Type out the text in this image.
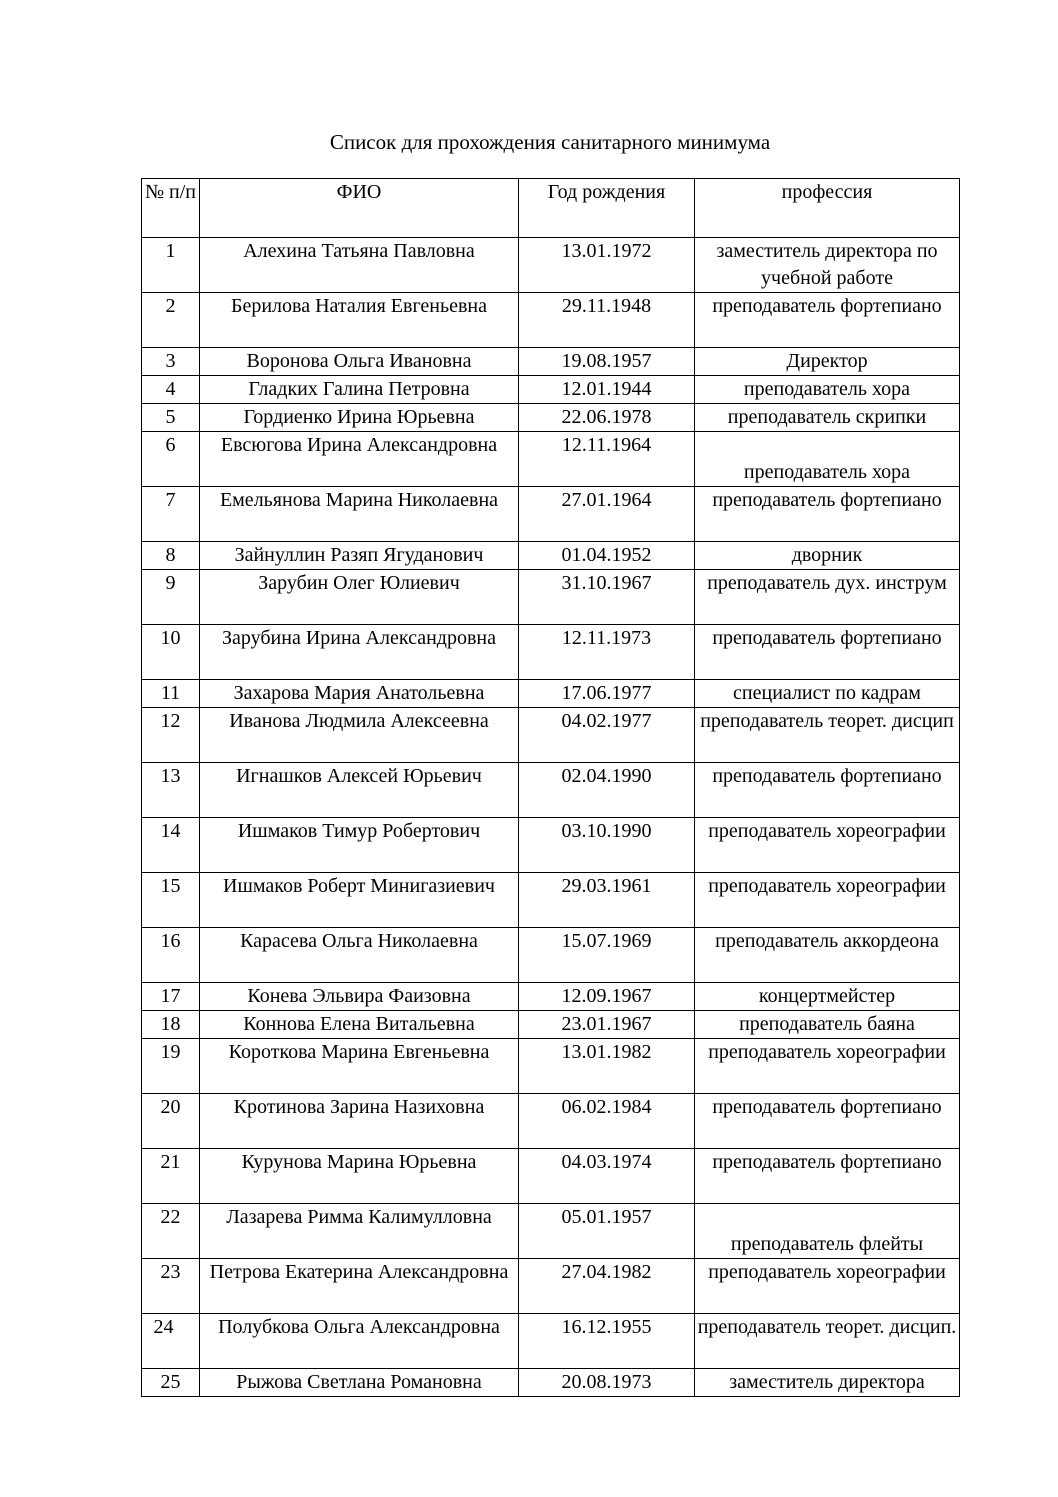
Список для прохождения санитарного минимума
№ п/п	ФИО	Год рождения	профессия
1	Алехина Татьяна Павловна	13.01.1972	заместитель директора по учебной работе
2	Берилова Наталия Евгеньевна	29.11.1948	преподаватель фортепиано
3	Воронова Ольга Ивановна	19.08.1957	Директор
4	Гладких Галина Петровна	12.01.1944	преподаватель хора
5	Гордиенко Ирина Юрьевна	22.06.1978	преподаватель скрипки
6	Евсюгова Ирина Александровна	12.11.1964	преподаватель хора
7	Емельянова Марина Николаевна	27.01.1964	преподаватель фортепиано
8	Зайнуллин Разяп Ягуданович	01.04.1952	дворник
9	Зарубин Олег Юлиевич	31.10.1967	преподаватель дух. инструм
10	Зарубина Ирина Александровна	12.11.1973	преподаватель фортепиано
11	Захарова Мария Анатольевна	17.06.1977	специалист по кадрам
12	Иванова Людмила Алексеевна	04.02.1977	преподаватель теорет. дисцип
13	Игнашков Алексей Юрьевич	02.04.1990	преподаватель фортепиано
14	Ишмаков Тимур Робертович	03.10.1990	преподаватель хореографии
15	Ишмаков Роберт Минигазиевич	29.03.1961	преподаватель хореографии
16	Карасева Ольга Николаевна	15.07.1969	преподаватель аккордеона
17	Конева Эльвира Фаизовна	12.09.1967	концертмейстер
18	Коннова Елена Витальевна	23.01.1967	преподаватель баяна
19	Короткова Марина Евгеньевна	13.01.1982	преподаватель хореографии
20	Кротинова Зарина Назиховна	06.02.1984	преподаватель фортепиано
21	Курунова Марина Юрьевна	04.03.1974	преподаватель фортепиано
22	Лазарева Римма Калимулловна	05.01.1957	преподаватель флейты
23	Петрова Екатерина Александровна	27.04.1982	преподаватель хореографии
24	Полубкова Ольга Александровна	16.12.1955	преподаватель теорет. дисцип.
25	Рыжова Светлана Романовна	20.08.1973	заместитель директора
